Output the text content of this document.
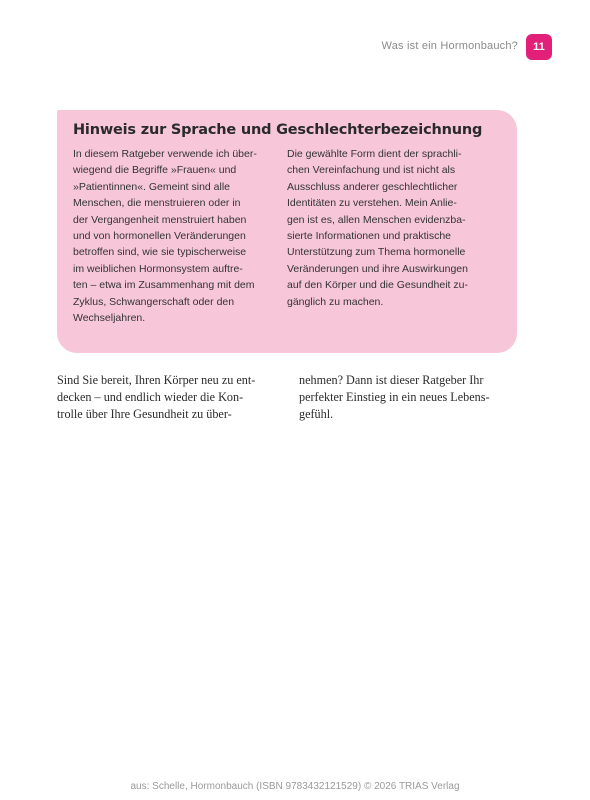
Was ist ein Hormonbauch?	11
Hinweis zur Sprache und Geschlechterbezeichnung
In diesem Ratgeber verwende ich über-
wiegend die Begriffe »Frauen« und
»Patientinnen«. Gemeint sind alle
Menschen, die menstruieren oder in
der Vergangenheit menstruiert haben
und von hormonellen Veränderungen
betroffen sind, wie sie typischerweise
im weiblichen Hormonsystem auftre-
ten – etwa im Zusammenhang mit dem
Zyklus, Schwangerschaft oder den
Wechseljahren.
Die gewählte Form dient der sprachli-
chen Vereinfachung und ist nicht als
Ausschluss anderer geschlechtlicher
Identitäten zu verstehen. Mein Anlie-
gen ist es, allen Menschen evidenzba-
sierte Informationen und praktische
Unterstützung zum Thema hormonelle
Veränderungen und ihre Auswirkungen
auf den Körper und die Gesundheit zu-
gänglich zu machen.
Sind Sie bereit, Ihren Körper neu zu ent-
decken – und endlich wieder die Kon-
trolle über Ihre Gesundheit zu über-
nehmen? Dann ist dieser Ratgeber Ihr
perfekter Einstieg in ein neues Lebens-
gefühl.
aus: Schelle, Hormonbauch (ISBN 9783432121529) © 2026 TRIAS Verlag
